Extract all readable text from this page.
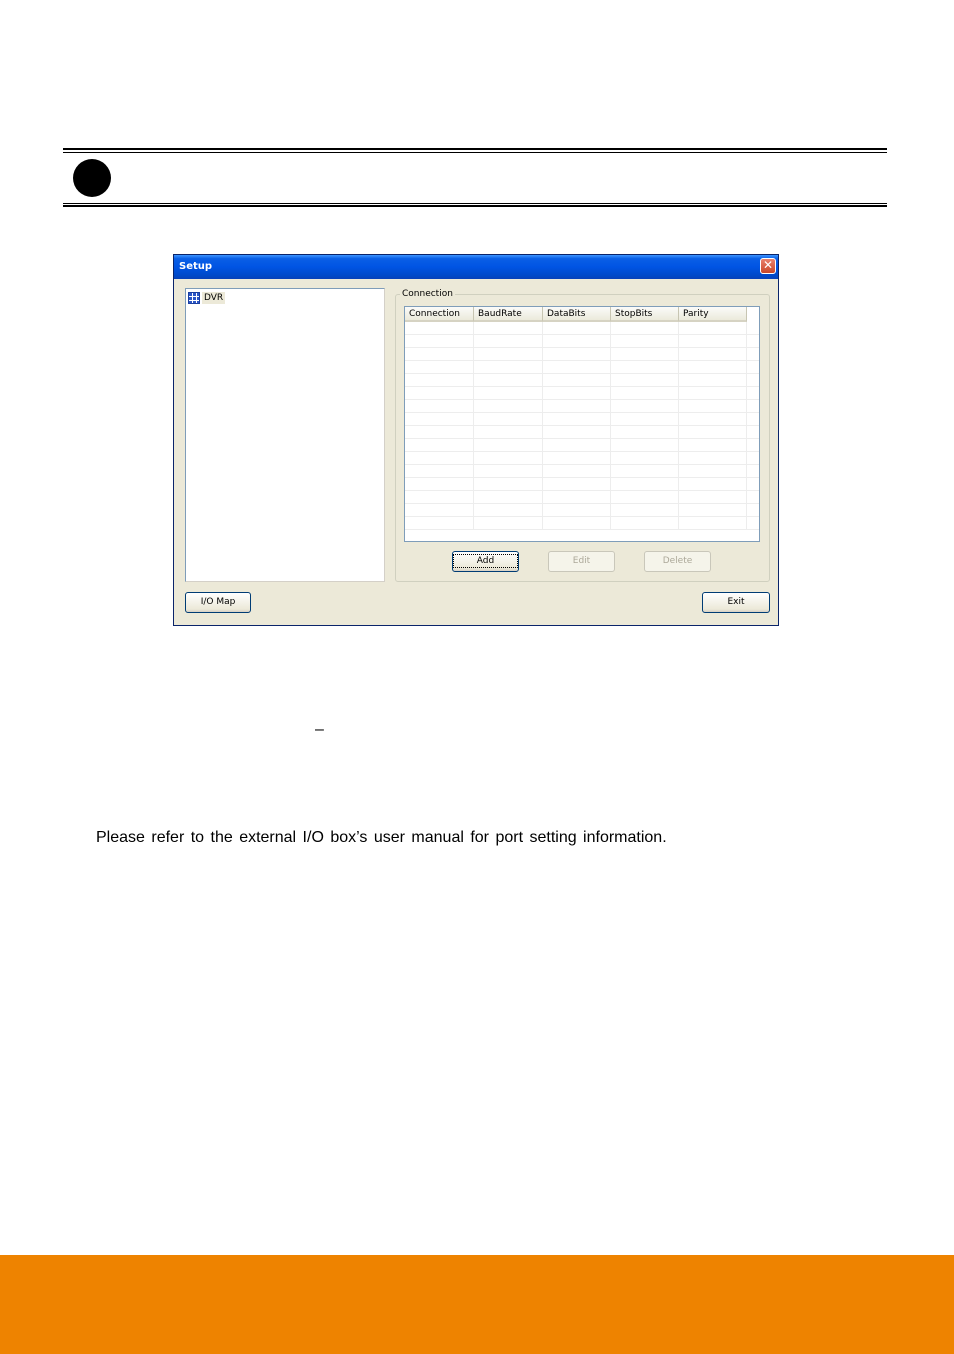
Setup	✕
DVR	Connection
Connection	BaudRate	DataBits	StopBits	Parity
Add	Edit	Delete
I/O Map	Exit
–

Please refer to the external I/O box’s user manual for port setting information.
